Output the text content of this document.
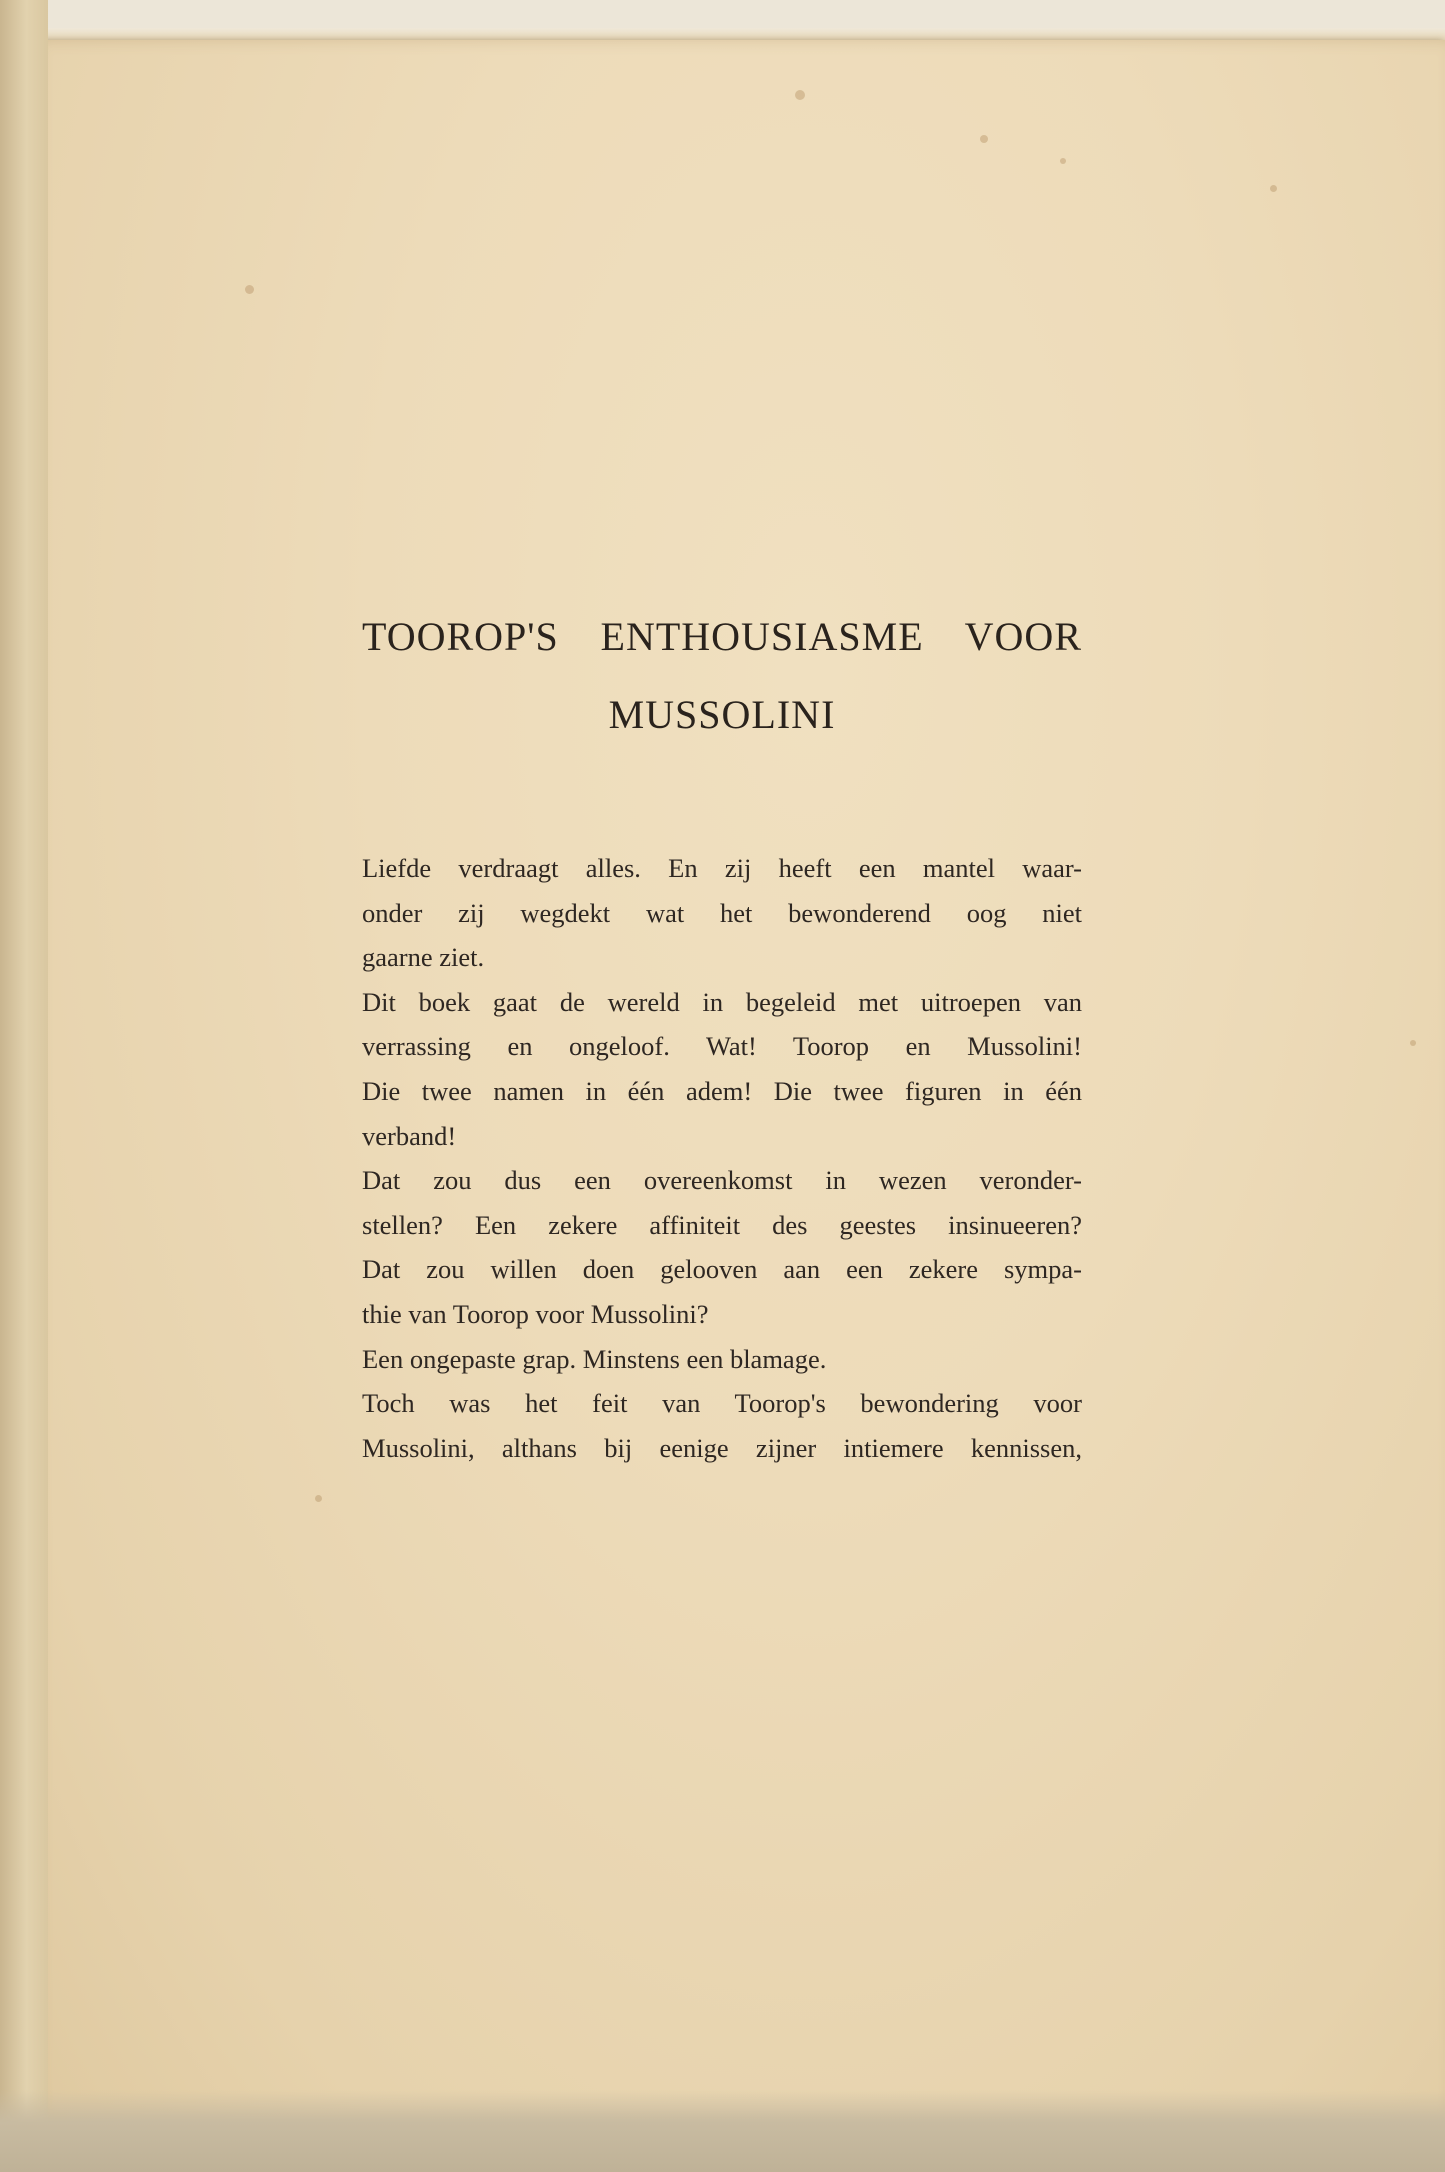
TOOROP'S ENTHOUSIASME VOOR
MUSSOLINI
Liefde verdraagt alles. En zij heeft een mantel waar-
onder zij wegdekt wat het bewonderend oog niet
gaarne ziet.
Dit boek gaat de wereld in begeleid met uitroepen van
verrassing en ongeloof. Wat! Toorop en Mussolini!
Die twee namen in één adem! Die twee figuren in één
verband!
Dat zou dus een overeenkomst in wezen veronder-
stellen? Een zekere affiniteit des geestes insinueeren?
Dat zou willen doen gelooven aan een zekere sympa-
thie van Toorop voor Mussolini?
Een ongepaste grap. Minstens een blamage.
Toch was het feit van Toorop's bewondering voor
Mussolini, althans bij eenige zijner intiemere kennissen,
